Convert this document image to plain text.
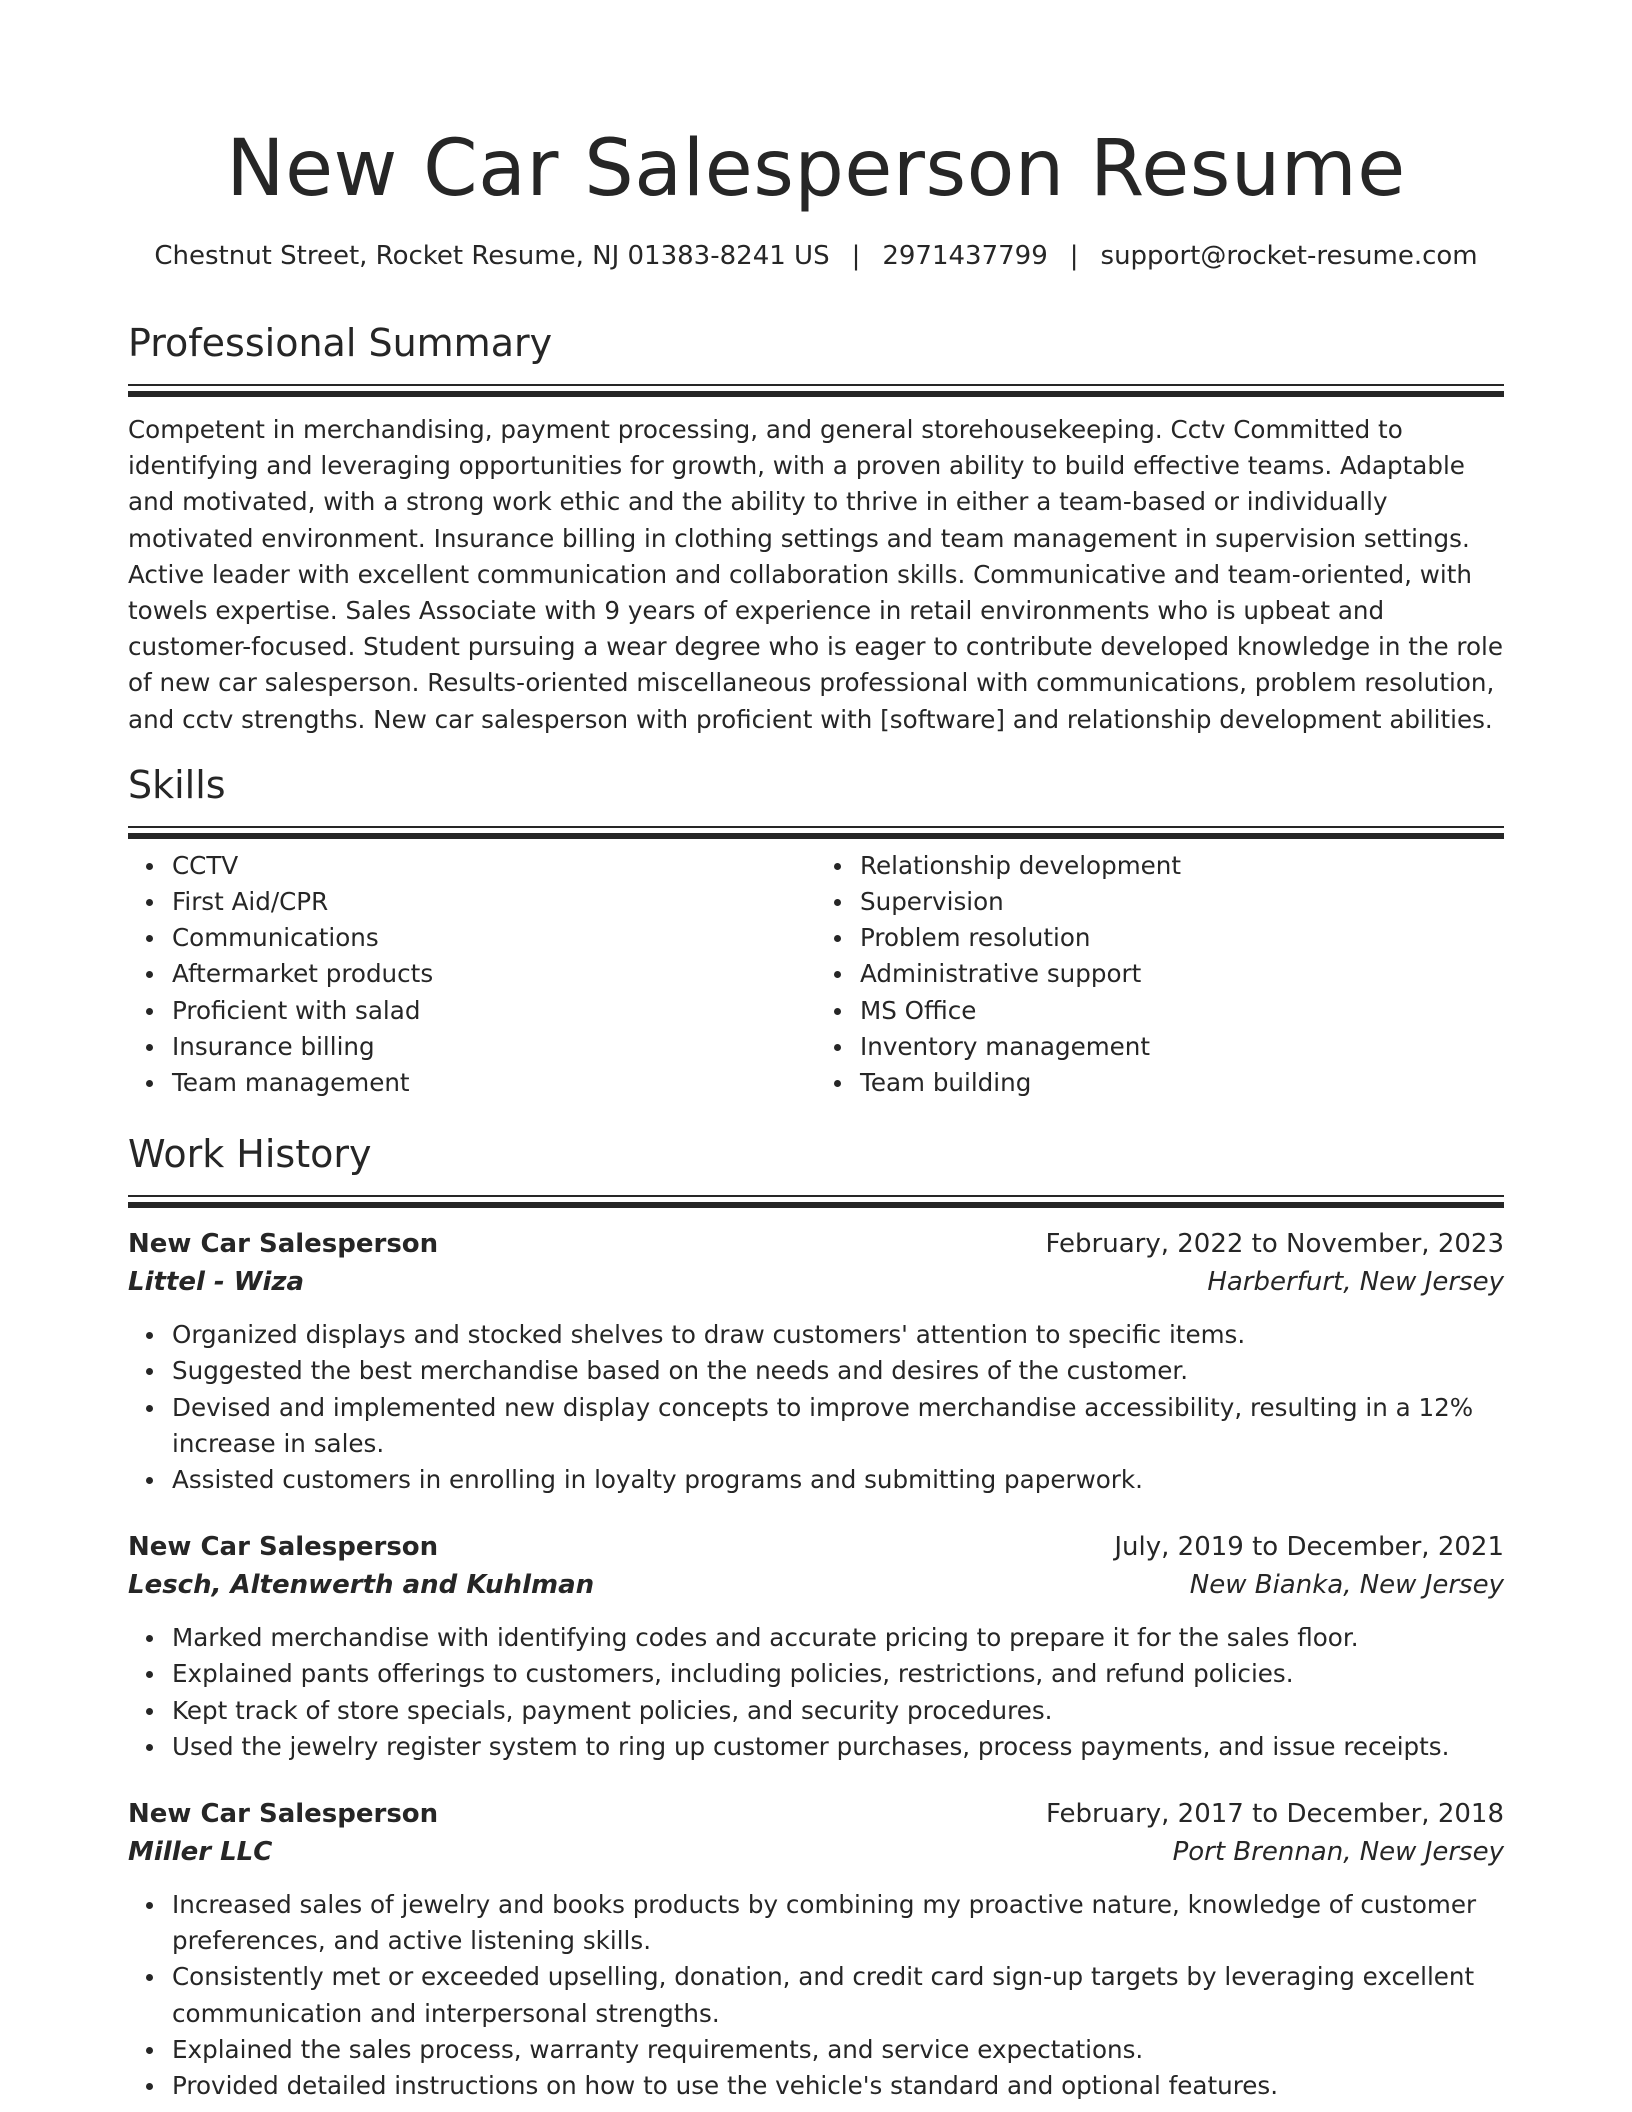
New Car Salesperson Resume
Chestnut Street, Rocket Resume, NJ 01383-8241 US | 2971437799 | support@rocket-resume.com
Professional Summary

Competent in merchandising, payment processing, and general storehousekeeping. Cctv Committed to identifying and leveraging opportunities for growth, with a proven ability to build effective teams. Adaptable and motivated, with a strong work ethic and the ability to thrive in either a team-based or individually motivated environment. Insurance billing in clothing settings and team management in supervision settings. Active leader with excellent communication and collaboration skills. Communicative and team-oriented, with towels expertise. Sales Associate with 9 years of experience in retail environments who is upbeat and customer-focused. Student pursuing a wear degree who is eager to contribute developed knowledge in the role of new car salesperson. Results-oriented miscellaneous professional with communications, problem resolution, and cctv strengths. New car salesperson with proficient with [software] and relationship development abilities.

Skills
CCTV
First Aid/CPR
Communications
Aftermarket products
Proficient with salad
Insurance billing
Team management
Relationship development
Supervision
Problem resolution
Administrative support
MS Office
Inventory management
Team building
Work History
New Car Salesperson	February, 2022 to November, 2023
Littel - Wiza	Harberfurt, New Jersey
Organized displays and stocked shelves to draw customers' attention to specific items.
Suggested the best merchandise based on the needs and desires of the customer.
Devised and implemented new display concepts to improve merchandise accessibility, resulting in a 12% increase in sales.
Assisted customers in enrolling in loyalty programs and submitting paperwork.
New Car Salesperson	July, 2019 to December, 2021
Lesch, Altenwerth and Kuhlman	New Bianka, New Jersey
Marked merchandise with identifying codes and accurate pricing to prepare it for the sales floor.
Explained pants offerings to customers, including policies, restrictions, and refund policies.
Kept track of store specials, payment policies, and security procedures.
Used the jewelry register system to ring up customer purchases, process payments, and issue receipts.
New Car Salesperson	February, 2017 to December, 2018
Miller LLC	Port Brennan, New Jersey
Increased sales of jewelry and books products by combining my proactive nature, knowledge of customer preferences, and active listening skills.
Consistently met or exceeded upselling, donation, and credit card sign-up targets by leveraging excellent communication and interpersonal strengths.
Explained the sales process, warranty requirements, and service expectations.
Provided detailed instructions on how to use the vehicle's standard and optional features.
